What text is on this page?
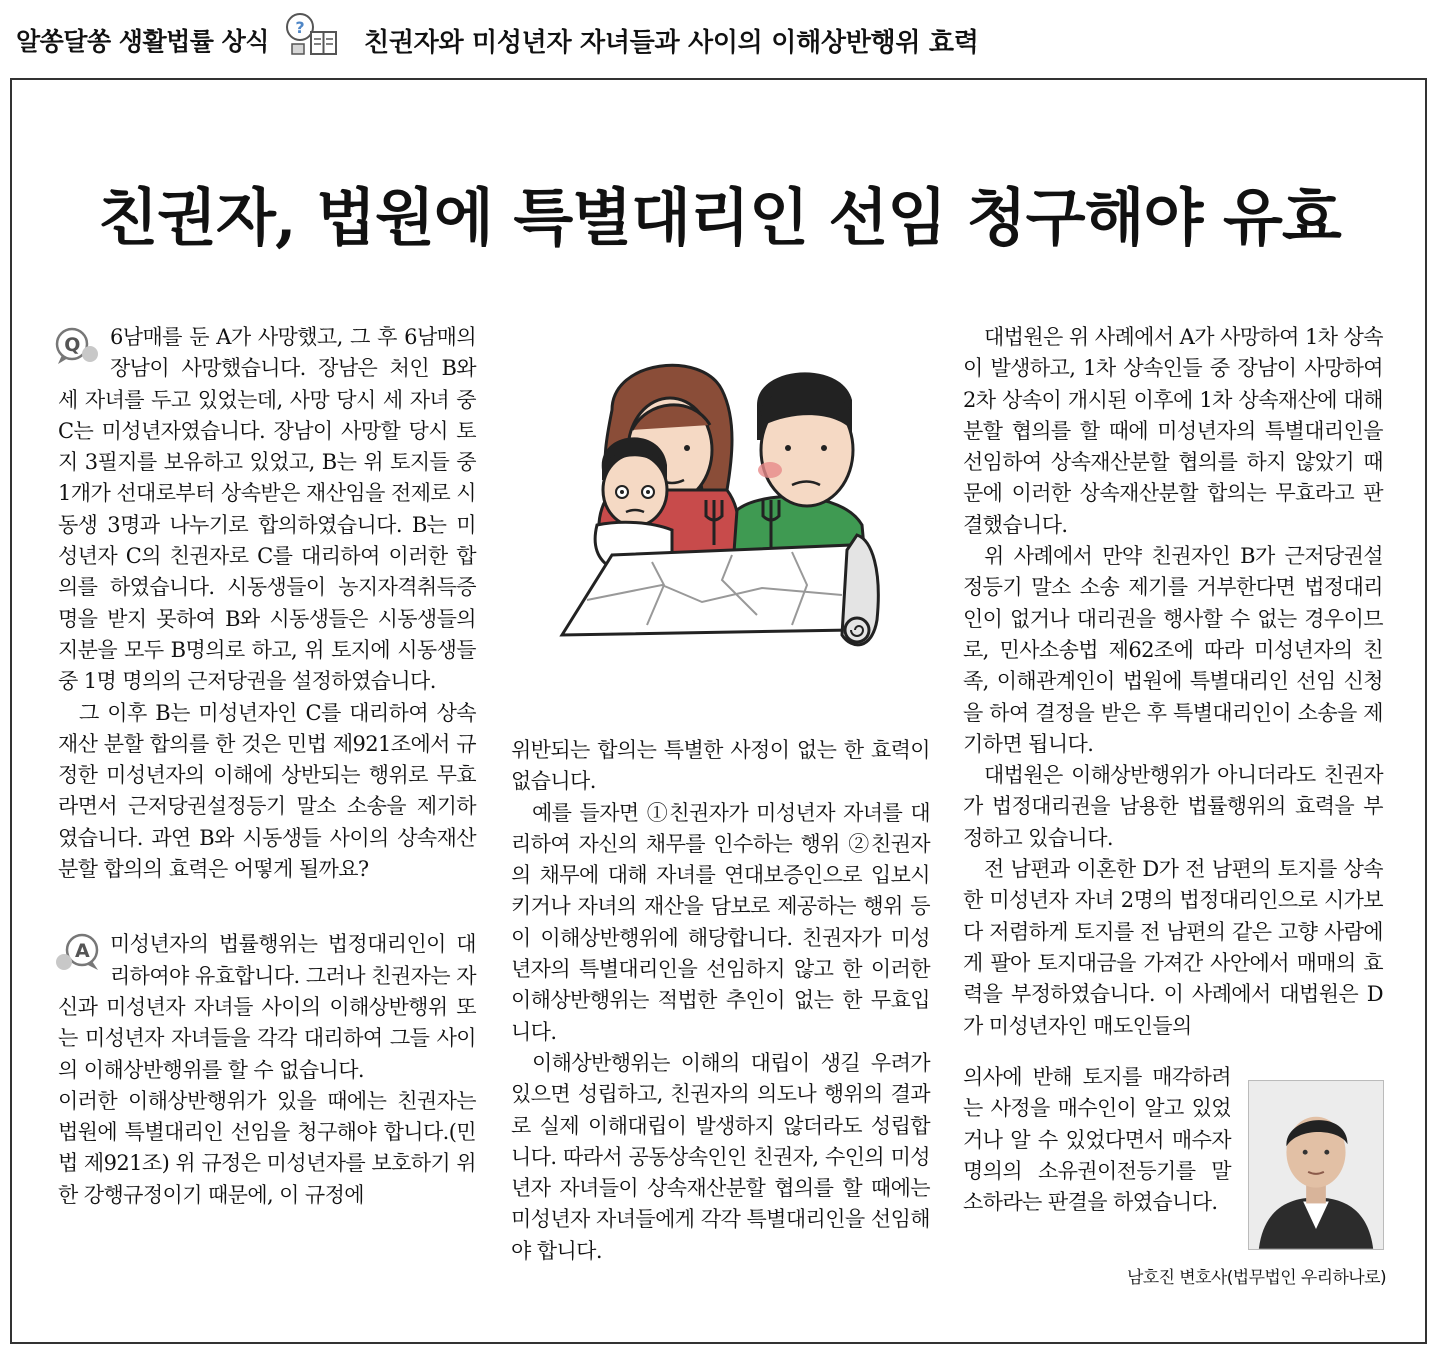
알쏭달쏭 생활법률 상식 ?
친권자와 미성년자 자녀들과 사이의 이해상반행위 효력
친권자, 법원에 특별대리인 선임 청구해야 유효
Q	6남매를 둔 A가 사망했고, 그 후 6남매의 장남이 사망했습니다. 장남은 처인 B와 세 자녀를 두고 있었는데, 사망 당시 세 자녀 중 C는 미성년자였습니다. 장남이 사망할 당시 토지 3필지를 보유하고 있었고, B는 위 토지들 중 1개가 선대로부터 상속받은 재산임을 전제로 시동생 3명과 나누기로 합의하였습니다. B는 미성년자 C의 친권자로 C를 대리하여 이러한 합의를 하였습니다. 시동생들이 농지자격취득증명을 받지 못하여 B와 시동생들은 시동생들의 지분을 모두 B명의로 하고, 위 토지에 시동생들 중 1명 명의의 근저당권을 설정하였습니다.

그 이후 B는 미성년자인 C를 대리하여 상속재산 분할 합의를 한 것은 민법 제921조에서 규정한 미성년자의 이해에 상반되는 행위로 무효라면서 근저당권설정등기 말소 소송을 제기하였습니다. 과연 B와 시동생들 사이의 상속재산 분할 합의의 효력은 어떻게 될까요?

A 미성년자의 법률행위는 법정대리인이 대리하여야 유효합니다. 그러나 친권자는 자신과 미성년자 자녀들 사이의 이해상반행위 또는 미성년자 자녀들을 각각 대리하여 그들 사이의 이해상반행위를 할 수 없습니다.

이러한 이해상반행위가 있을 때에는 친권자는 법원에 특별대리인 선임을 청구해야 합니다.(민법 제921조) 위 규정은 미성년자를 보호하기 위한 강행규정이기 때문에, 이 규정에

위반되는 합의는 특별한 사정이 없는 한 효력이 없습니다.

예를 들자면 ①친권자가 미성년자 자녀를 대리하여 자신의 채무를 인수하는 행위 ②친권자의 채무에 대해 자녀를 연대보증인으로 입보시키거나 자녀의 재산을 담보로 제공하는 행위 등이 이해상반행위에 해당합니다. 친권자가 미성년자의 특별대리인을 선임하지 않고 한 이러한 이해상반행위는 적법한 추인이 없는 한 무효입니다.

이해상반행위는 이해의 대립이 생길 우려가 있으면 성립하고, 친권자의 의도나 행위의 결과로 실제 이해대립이 발생하지 않더라도 성립합니다. 따라서 공동상속인인 친권자, 수인의 미성년자 자녀들이 상속재산분할 협의를 할 때에는 미성년자 자녀들에게 각각 특별대리인을 선임해야 합니다.

대법원은 위 사례에서 A가 사망하여 1차 상속이 발생하고, 1차 상속인들 중 장남이 사망하여 2차 상속이 개시된 이후에 1차 상속재산에 대해 분할 협의를 할 때에 미성년자의 특별대리인을 선임하여 상속재산분할 협의를 하지 않았기 때문에 이러한 상속재산분할 합의는 무효라고 판결했습니다.

위 사례에서 만약 친권자인 B가 근저당권설정등기 말소 소송 제기를 거부한다면 법정대리인이 없거나 대리권을 행사할 수 없는 경우이므로, 민사소송법 제62조에 따라 미성년자의 친족, 이해관계인이 법원에 특별대리인 선임 신청을 하여 결정을 받은 후 특별대리인이 소송을 제기하면 됩니다.

대법원은 이해상반행위가 아니더라도 친권자가 법정대리권을 남용한 법률행위의 효력을 부정하고 있습니다.

전 남편과 이혼한 D가 전 남편의 토지를 상속한 미성년자 자녀 2명의 법정대리인으로 시가보다 저렴하게 토지를 전 남편의 같은 고향 사람에게 팔아 토지대금을 가져간 사안에서 매매의 효력을 부정하였습니다. 이 사례에서 대법원은 D가 미성년자인 매도인들의

의사에 반해 토지를 매각하려는 사정을 매수인이 알고 있었거나 알 수 있었다면서 매수자 명의의 소유권이전등기를 말소하라는 판결을 하였습니다.
남호진 변호사(법무법인 우리하나로)
